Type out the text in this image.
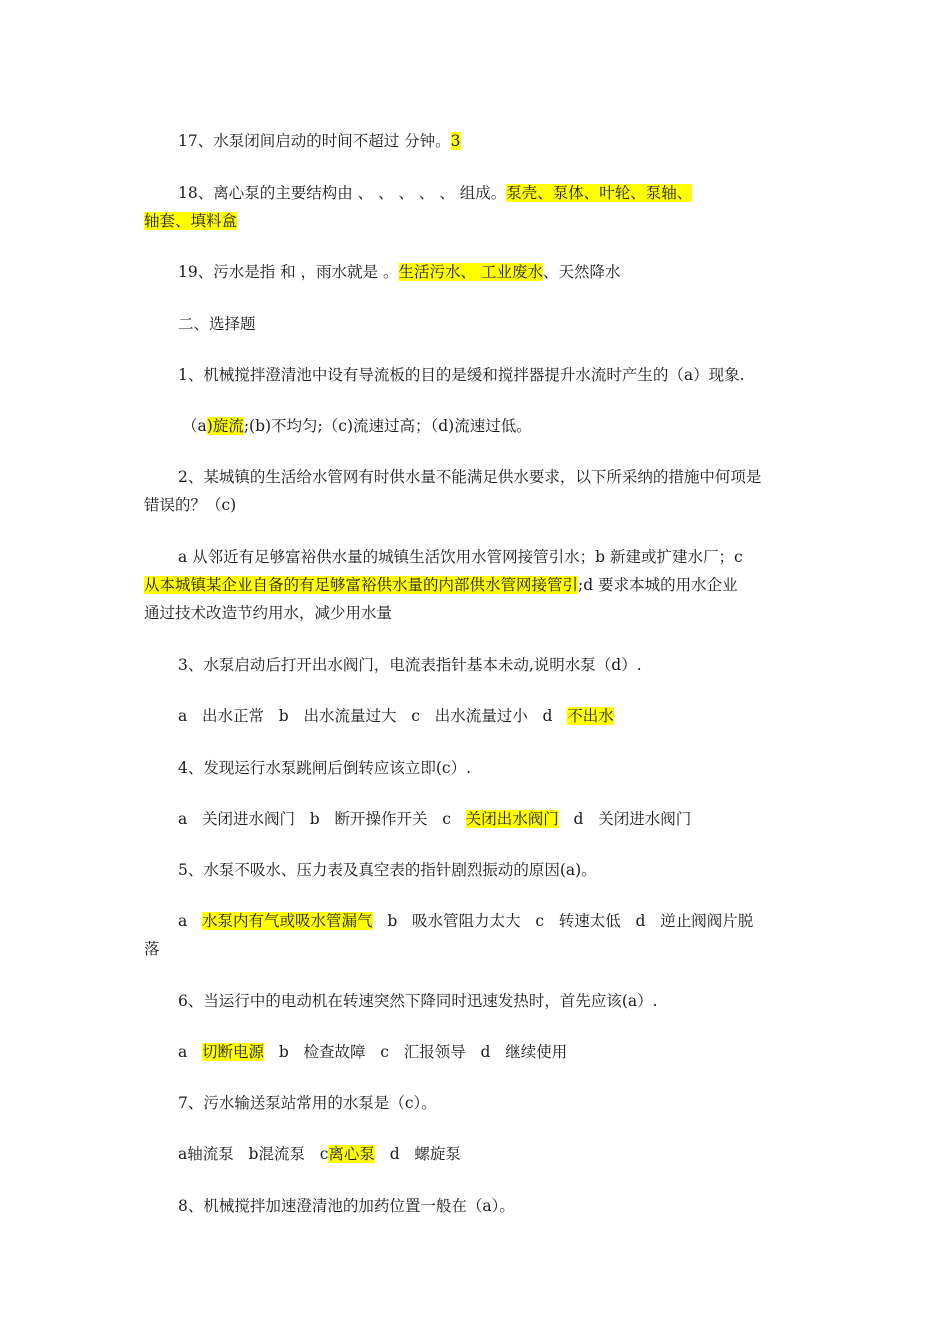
17、水泵闭间启动的时间不超过 分钟。3
18、离心泵的主要结构由 、 、 、 、 、 组成。泵壳、泵体、叶轮、泵轴、
轴套、填料盒
19、污水是指 和 ，雨水就是 。生活污水、 工业废水、天然降水
二、选择题
1、机械搅拌澄清池中设有导流板的目的是缓和搅拌器提升水流时产生的（a）现象.
（a)旋流;(b)不均匀;（c)流速过高；（d)流速过低。
2、某城镇的生活给水管网有时供水量不能满足供水要求，以下所采纳的措施中何项是
错误的？（c)
a 从邻近有足够富裕供水量的城镇生活饮用水管网接管引水；b 新建或扩建水厂；c
从本城镇某企业自备的有足够富裕供水量的内部供水管网接管引;d 要求本城的用水企业
通过技术改造节约用水，减少用水量
3、水泵启动后打开出水阀门，电流表指针基本未动,说明水泵（d）.
a   出水正常   b   出水流量过大   c   出水流量过小   d   不出水
4、发现运行水泵跳闸后倒转应该立即(c）.
a   关闭进水阀门   b   断开操作开关   c   关闭出水阀门   d   关闭进水阀门
5、水泵不吸水、压力表及真空表的指针剧烈振动的原因(a)。
a   水泵内有气或吸水管漏气   b   吸水管阻力太大   c   转速太低   d   逆止阀阀片脱
落
6、当运行中的电动机在转速突然下降同时迅速发热时，首先应该(a）.
a   切断电源   b   检查故障   c   汇报领导   d   继续使用
7、污水输送泵站常用的水泵是（c）。
a轴流泵   b混流泵   c离心泵   d   螺旋泵
8、机械搅拌加速澄清池的加药位置一般在（a）。
